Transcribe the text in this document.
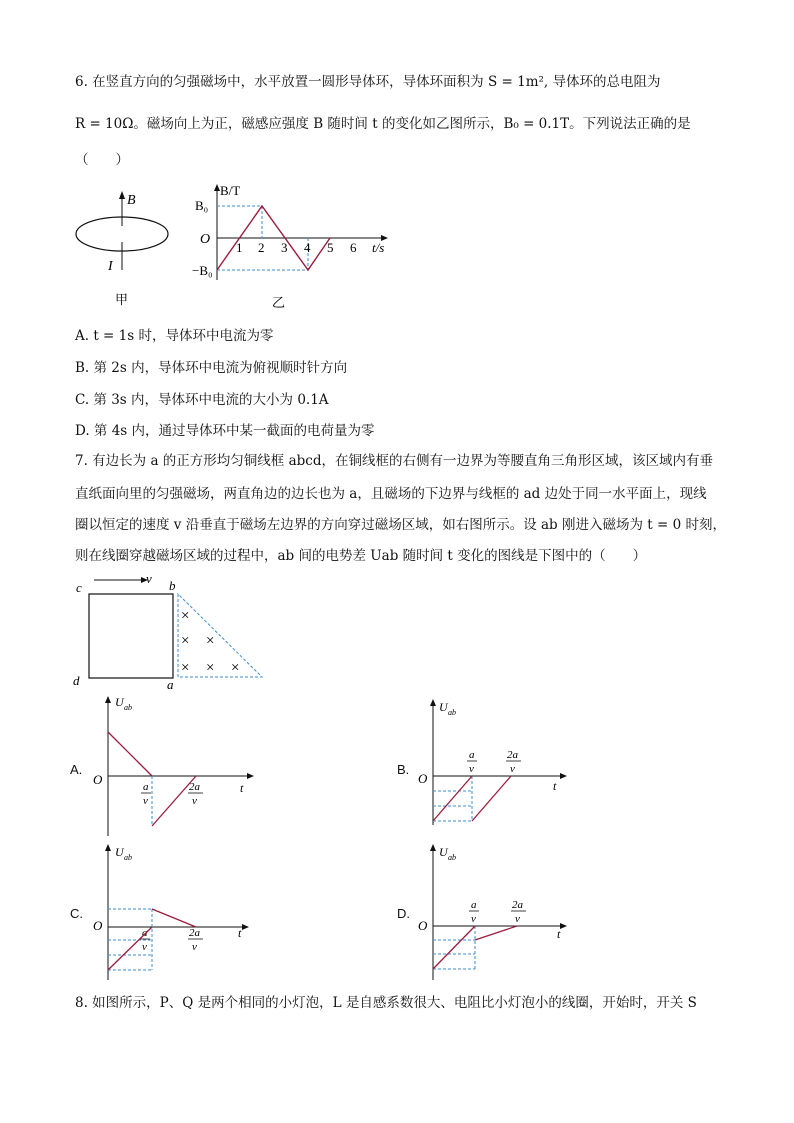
6. 在竖直方向的匀强磁场中，水平放置一圆形导体环，导体环面积为 S = 1m², 导体环的总电阻为
R = 10Ω。磁场向上为正，磁感应强度 B 随时间 t 的变化如乙图所示，B₀ = 0.1T。下列说法正确的是
（　　）
B
I
甲
B/T
B₀
−B₀
O
1 2 3 4 5 6 t/s
乙
A. t = 1s 时，导体环中电流为零
B. 第 2s 内，导体环中电流为俯视顺时针方向
C. 第 3s 内，导体环中电流的大小为 0.1A
D. 第 4s 内，通过导体环中某一截面的电荷量为零
7. 有边长为 a 的正方形均匀铜线框 abcd，在铜线框的右侧有一边界为等腰直角三角形区域，该区域内有垂
直纸面向里的匀强磁场，两直角边的边长也为 a，且磁场的下边界与线框的 ad 边处于同一水平面上，现线
圈以恒定的速度 v 沿垂直于磁场左边界的方向穿过磁场区域，如右图所示。设 ab 刚进入磁场为 t = 0 时刻，
则在线圈穿越磁场区域的过程中，ab 间的电势差 Uab 随时间 t 变化的图线是下图中的（　　）
v
c	b
d	a
×
× ×
× × ×
A.
U ab
O
t
a
v
2a
v
B.
U ab
O	t
a
v
2a
v
C.
U ab
O	t
a
v
2a
v
D.
U ab
O
t
a
v
2a
v
8. 如图所示，P、Q 是两个相同的小灯泡，L 是自感系数很大、电阻比小灯泡小的线圈，开始时，开关 S
